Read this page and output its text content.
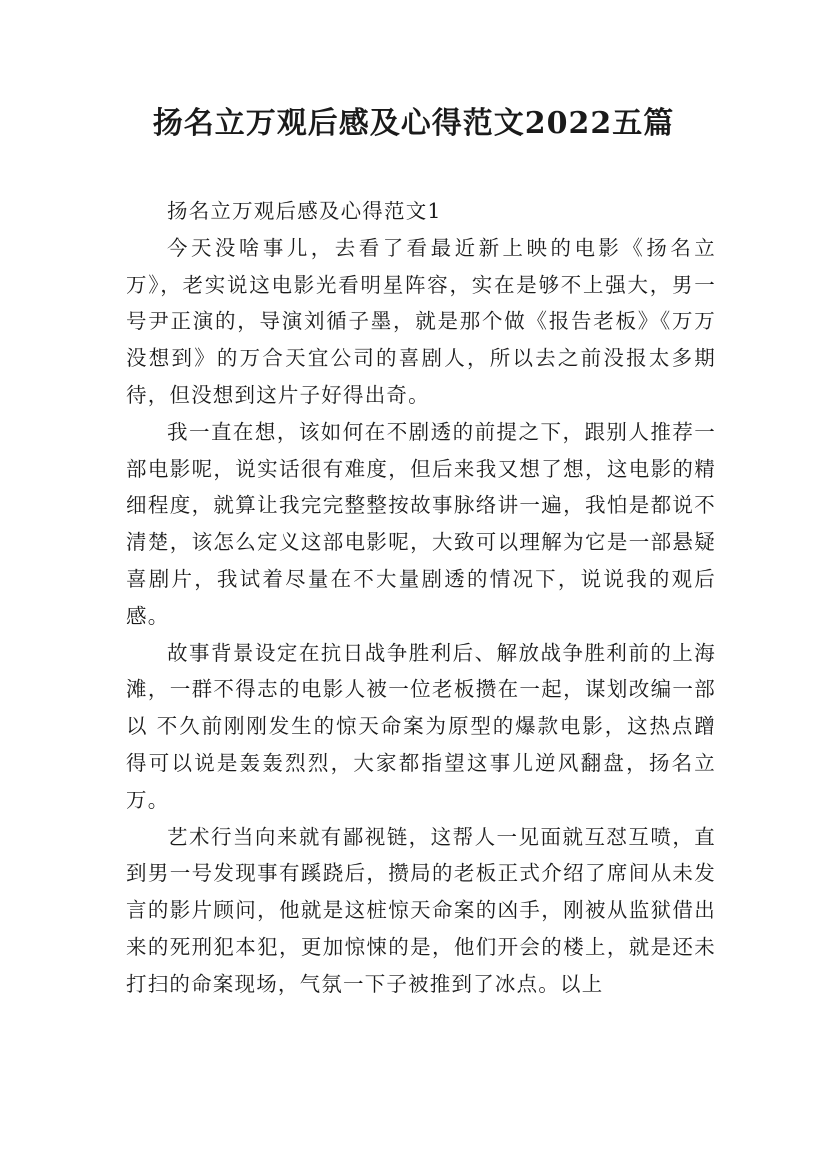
扬名立万观后感及心得范文2022五篇

扬名立万观后感及心得范文1

今天没啥事儿，去看了看最近新上映的电影《扬名立万》，老实说这电影光看明星阵容，实在是够不上强大，男一号尹正演的，导演刘循子墨，就是那个做《报告老板》《万万没想到》的万合天宜公司的喜剧人，所以去之前没报太多期待，但没想到这片子好得出奇。

我一直在想，该如何在不剧透的前提之下，跟别人推荐一部电影呢，说实话很有难度，但后来我又想了想，这电影的精细程度，就算让我完完整整按故事脉络讲一遍，我怕是都说不清楚，该怎么定义这部电影呢，大致可以理解为它是一部悬疑喜剧片，我试着尽量在不大量剧透的情况下，说说我的观后感。

故事背景设定在抗日战争胜利后、解放战争胜利前的上海滩，一群不得志的电影人被一位老板攒在一起，谋划改编一部以 不久前刚刚发生的惊天命案为原型的爆款电影，这热点蹭得可以说是轰轰烈烈，大家都指望这事儿逆风翻盘，扬名立万。

艺术行当向来就有鄙视链，这帮人一见面就互怼互喷，直到男一号发现事有蹊跷后，攒局的老板正式介绍了席间从未发言的影片顾问，他就是这桩惊天命案的凶手，刚被从监狱借出来的死刑犯本犯，更加惊悚的是，他们开会的楼上，就是还未打扫的命案现场，气氛一下子被推到了冰点。以上
